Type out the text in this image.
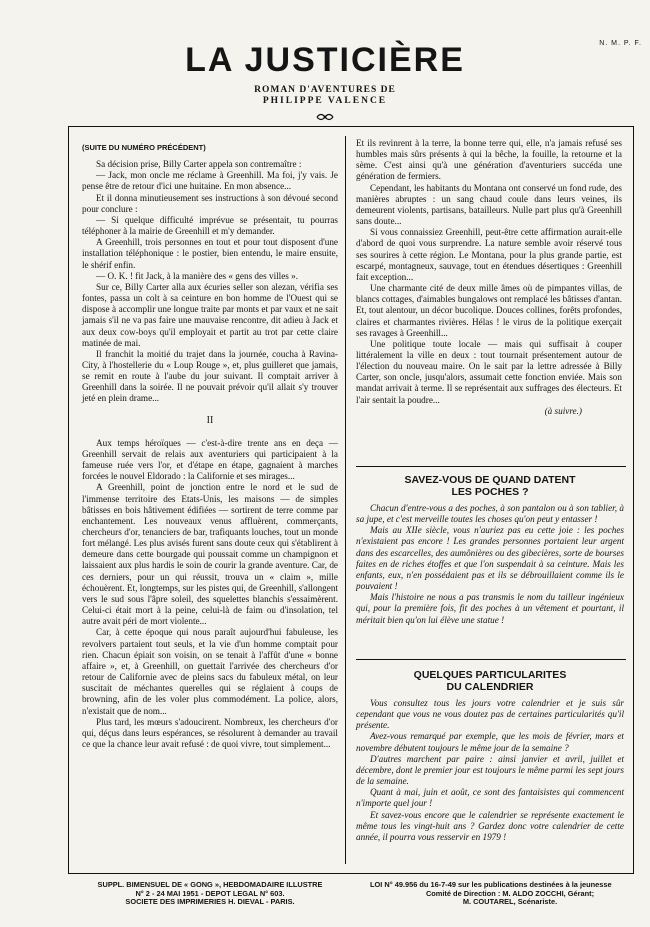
N. M. P. F.
LA JUSTICIÈRE
ROMAN D'AVENTURES DE
PHILIPPE VALENCE
(SUITE DU NUMÉRO PRÉCÉDENT)

Sa décision prise, Billy Carter appela son contremaître :

— Jack, mon oncle me réclame à Greenhill. Ma foi, j'y vais. Je pense être de retour d'ici une huitaine. En mon absence...

Et il donna minutieusement ses instructions à son dévoué second pour conclure :

— Si quelque difficulté imprévue se présentait, tu pourras téléphoner à la mairie de Greenhill et m'y demander.

A Greenhill, trois personnes en tout et pour tout disposent d'une installation téléphonique : le postier, bien entendu, le maire ensuite, le shérif enfin.

— O. K. ! fit Jack, à la manière des « gens des villes ».

Sur ce, Billy Carter alla aux écuries seller son alezan, vérifia ses fontes, passa un colt à sa ceinture en bon homme de l'Ouest qui se dispose à accomplir une longue traite par monts et par vaux et ne sait jamais s'il ne va pas faire une mauvaise rencontre, dit adieu à Jack et aux deux cow-boys qu'il employait et partit au trot par cette claire matinée de mai.

Il franchit la moitié du trajet dans la journée, coucha à Ravina-City, à l'hostellerie du « Loup Rouge », et, plus guilleret que jamais, se remit en route à l'aube du jour suivant. Il comptait arriver à Greenhill dans la soirée. Il ne pouvait prévoir qu'il allait s'y trouver jeté en plein drame...

II

Aux temps héroïques — c'est-à-dire trente ans en deça — Greenhill servait de relais aux aventuriers qui participaient à la fameuse ruée vers l'or, et d'étape en étape, gagnaient à marches forcées le nouvel Eldorado : la Californie et ses mirages...

A Greenhill, point de jonction entre le nord et le sud de l'immense territoire des Etats-Unis, les maisons — de simples bâtisses en bois hâtivement édifiées — sortirent de terre comme par enchantement. Les nouveaux venus affluèrent, commerçants, chercheurs d'or, tenanciers de bar, trafiquants louches, tout un monde fort mélangé. Les plus avisés furent sans doute ceux qui s'établirent à demeure dans cette bourgade qui poussait comme un champignon et laissaient aux plus hardis le soin de courir la grande aventure. Car, de ces derniers, pour un qui réussit, trouva un « claim », mille échouèrent. Et, longtemps, sur les pistes qui, de Greenhill, s'allongent vers le sud sous l'âpre soleil, des squelettes blanchis s'essaimèrent. Celui-ci était mort à la peine, celui-là de faim ou d'insolation, tel autre avait péri de mort violente...

Car, à cette époque qui nous paraît aujourd'hui fabuleuse, les revolvers partaient tout seuls, et la vie d'un homme comptait pour rien. Chacun épiait son voisin, on se tenait à l'affût d'une « bonne affaire », et, à Greenhill, on guettait l'arrivée des chercheurs d'or retour de Californie avec de pleins sacs du fabuleux métal, on leur suscitait de méchantes querelles qui se réglaient à coups de browning, afin de les voler plus commodément. La police, alors, n'existait que de nom...

Plus tard, les mœurs s'adoucirent. Nombreux, les chercheurs d'or qui, déçus dans leurs espérances, se résolurent à demander au travail ce que la chance leur avait refusé : de quoi vivre, tout simplement...

Et ils revinrent à la terre, la bonne terre qui, elle, n'a jamais refusé ses humbles mais sûrs présents à qui la bêche, la fouille, la retourne et la sème. C'est ainsi qu'à une génération d'aventuriers succéda une génération de fermiers.

Cependant, les habitants du Montana ont conservé un fond rude, des manières abruptes : un sang chaud coule dans leurs veines, ils demeurent violents, partisans, batailleurs. Nulle part plus qu'à Greenhill sans doute...

Si vous connaissiez Greenhill, peut-être cette affirmation aurait-elle d'abord de quoi vous surprendre. La nature semble avoir réservé tous ses sourires à cette région. Le Montana, pour la plus grande partie, est escarpé, montagneux, sauvage, tout en étendues désertiques : Greenhill fait exception...

Une charmante cité de deux mille âmes où de pimpantes villas, de blancs cottages, d'aimables bungalows ont remplacé les bâtisses d'antan. Et, tout alentour, un décor bucolique. Douces collines, forêts profondes, claires et charmantes rivières. Hélas ! le virus de la politique exerçait ses ravages à Greenhill...

Une politique toute locale — mais qui suffisait à couper littéralement la ville en deux : tout tournait présentement autour de l'élection du nouveau maire. On le sait par la lettre adressée à Billy Carter, son oncle, jusqu'alors, assumait cette fonction enviée. Mais son mandat arrivait à terme. Il se représentait aux suffrages des électeurs. Et l'air sentait la poudre...

(à suivre.)
SAVEZ-VOUS DE QUAND DATENT
LES POCHES ?

Chacun d'entre-vous a des poches, à son pantalon ou à son tablier, à sa jupe, et c'est merveille toutes les choses qu'on peut y entasser !

Mais au XIIe siècle, vous n'auriez pas eu cette joie : les poches n'existaient pas encore ! Les grandes personnes portaient leur argent dans des escarcelles, des aumônières ou des gibecières, sorte de bourses faites en de riches étoffes et que l'on suspendait à sa ceinture. Mais les enfants, eux, n'en possédaient pas et ils se débrouillaient comme ils le pouvaient !

Mais l'histoire ne nous a pas transmis le nom du tailleur ingénieux qui, pour la première fois, fit des poches à un vêtement et pourtant, il méritait bien qu'on lui élève une statue !

QUELQUES PARTICULARITES
DU CALENDRIER

Vous consultez tous les jours votre calendrier et je suis sûr cependant que vous ne vous doutez pas de certaines particularités qu'il présente.

Avez-vous remarqué par exemple, que les mois de février, mars et novembre débutent toujours le même jour de la semaine ?

D'autres marchent par paire : ainsi janvier et avril, juillet et décembre, dont le premier jour est toujours le même parmi les sept jours de la semaine.

Quant à mai, juin et août, ce sont des fantaisistes qui commencent n'importe quel jour !

Et savez-vous encore que le calendrier se représente exactement le même tous les vingt-huit ans ? Gardez donc votre calendrier de cette année, il pourra vous resservir en 1979 !

SUPPL. BIMENSUEL DE « GONG », HEBDOMADAIRE ILLUSTRE
N° 2 - 24 MAI 1951 - DEPOT LEGAL N° 603.
SOCIETE DES IMPRIMERIES H. DIEVAL - PARIS.
LOI N° 49.956 du 16-7-49 sur les publications destinées à la jeunesse
Comité de Direction : M. ALDO ZOCCHI, Gérant;
M. COUTAREL, Scénariste.
